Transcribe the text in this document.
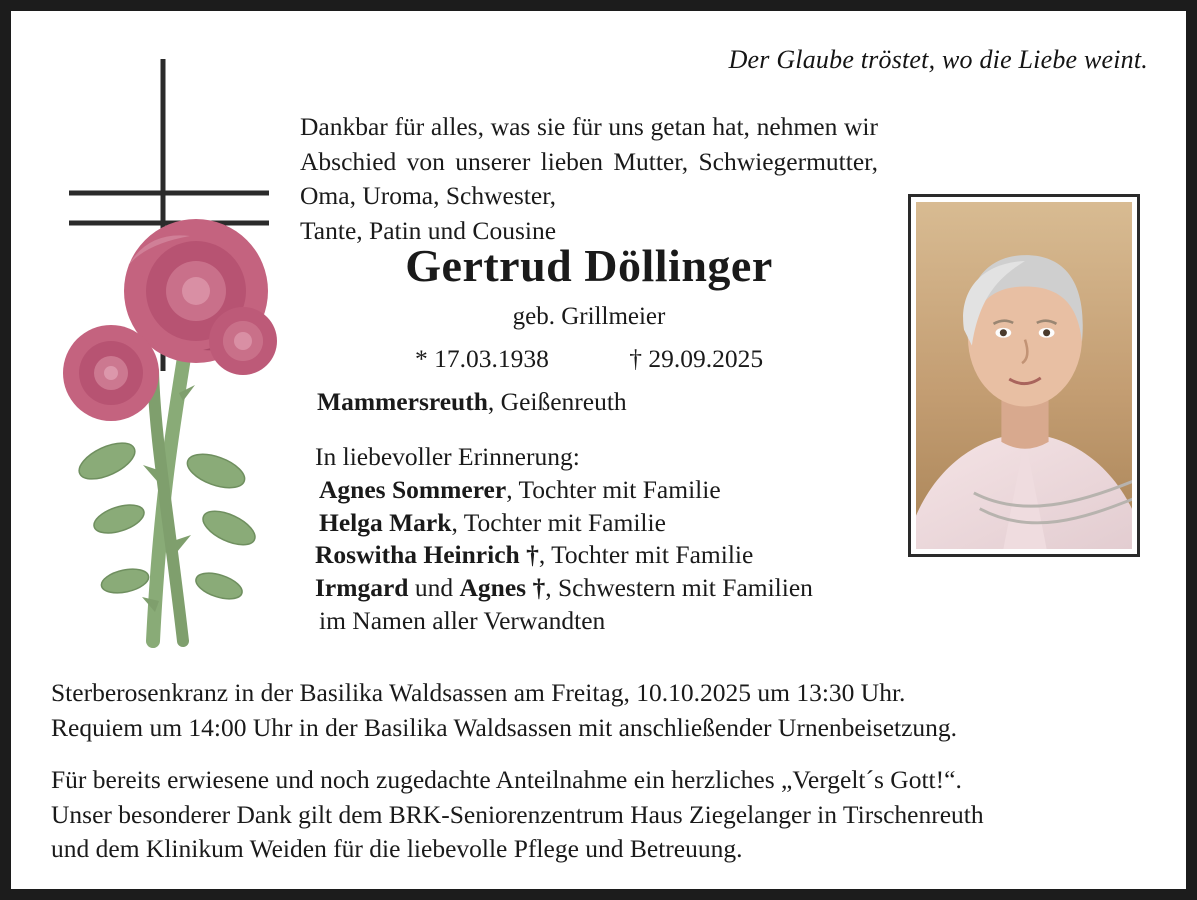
Der Glaube tröstet, wo die Liebe weint.
Dankbar für alles, was sie für uns getan hat, nehmen wir Abschied von unserer lieben Mutter, Schwiegermutter, Oma, Uroma, Schwester,
Tante, Patin und Cousine
Gertrud Döllinger
geb. Grillmeier
* 17.03.1938	† 29.09.2025
Mammersreuth, Geißenreuth
In liebevoller Erinnerung:
Agnes Sommerer, Tochter mit Familie
Helga Mark, Tochter mit Familie
Roswitha Heinrich †, Tochter mit Familie
Irmgard und Agnes †, Schwestern mit Familien
im Namen aller Verwandten
Sterberosenkranz in der Basilika Waldsassen am Freitag, 10.10.2025 um 13:30 Uhr.
Requiem um 14:00 Uhr in der Basilika Waldsassen mit anschließender Urnenbeisetzung.
Für bereits erwiesene und noch zugedachte Anteilnahme ein herzliches „Vergelt´s Gott!“.
Unser besonderer Dank gilt dem BRK-Seniorenzentrum Haus Ziegelanger in Tirschenreuth
und dem Klinikum Weiden für die liebevolle Pflege und Betreuung.
